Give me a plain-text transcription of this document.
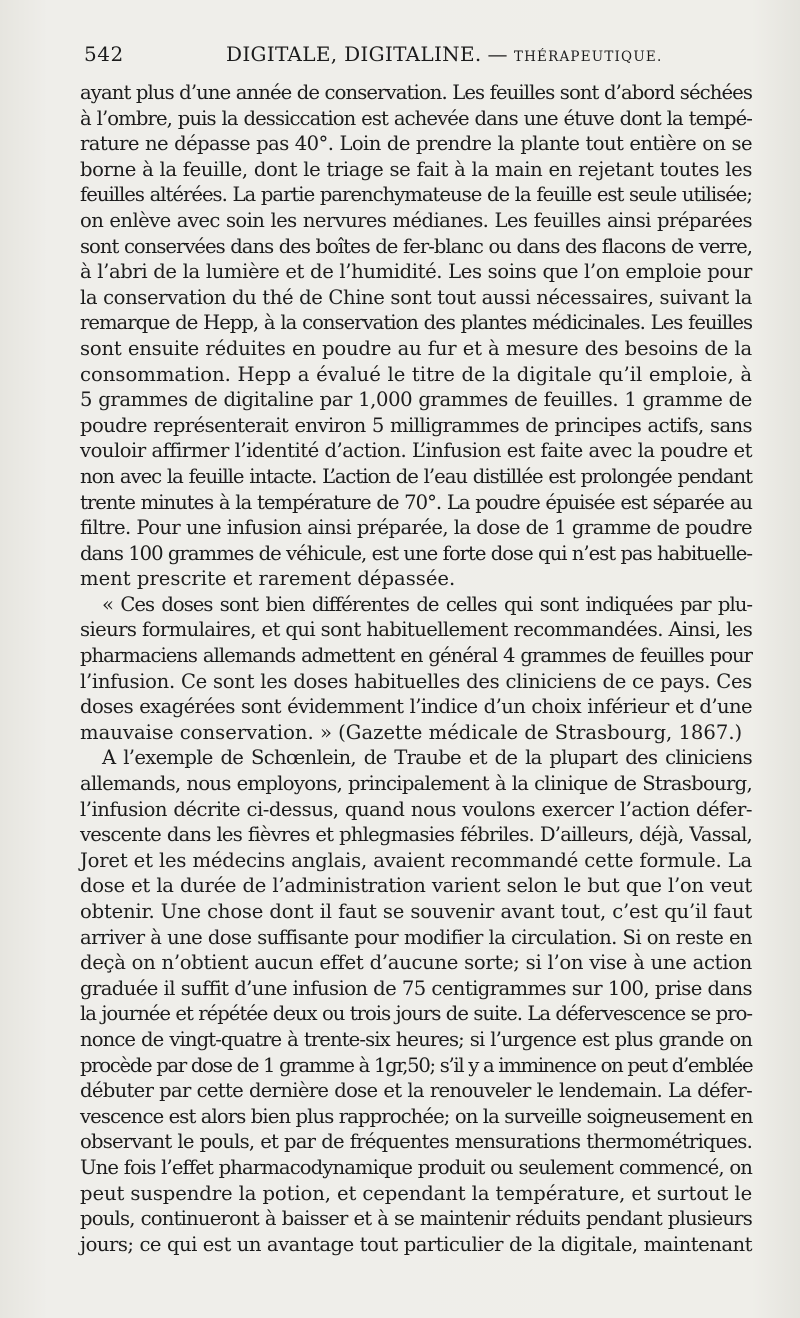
542	DIGITALE, DIGITALINE. — THÉRAPEUTIQUE.
ayant plus d’une année de conservation. Les feuilles sont d’abord séchées
à l’ombre, puis la dessiccation est achevée dans une étuve dont la tempé-
rature ne dépasse pas 40°. Loin de prendre la plante tout entière on se
borne à la feuille, dont le triage se fait à la main en rejetant toutes les
feuilles altérées. La partie parenchymateuse de la feuille est seule utilisée;
on enlève avec soin les nervures médianes. Les feuilles ainsi préparées
sont conservées dans des boîtes de fer-blanc ou dans des flacons de verre,
à l’abri de la lumière et de l’humidité. Les soins que l’on emploie pour
la conservation du thé de Chine sont tout aussi nécessaires, suivant la
remarque de Hepp, à la conservation des plantes médicinales. Les feuilles
sont ensuite réduites en poudre au fur et à mesure des besoins de la
consommation. Hepp a évalué le titre de la digitale qu’il emploie, à
5 grammes de digitaline par 1,000 grammes de feuilles. 1 gramme de
poudre représenterait environ 5 milligrammes de principes actifs, sans
vouloir affirmer l’identité d’action. L’infusion est faite avec la poudre et
non avec la feuille intacte. L’action de l’eau distillée est prolongée pendant
trente minutes à la température de 70°. La poudre épuisée est séparée au
filtre. Pour une infusion ainsi préparée, la dose de 1 gramme de poudre
dans 100 grammes de véhicule, est une forte dose qui n’est pas habituelle-
ment prescrite et rarement dépassée.
« Ces doses sont bien différentes de celles qui sont indiquées par plu-
sieurs formulaires, et qui sont habituellement recommandées. Ainsi, les
pharmaciens allemands admettent en général 4 grammes de feuilles pour
l’infusion. Ce sont les doses habituelles des cliniciens de ce pays. Ces
doses exagérées sont évidemment l’indice d’un choix inférieur et d’une
mauvaise conservation. » (Gazette médicale de Strasbourg, 1867.)
A l’exemple de Schœnlein, de Traube et de la plupart des cliniciens
allemands, nous employons, principalement à la clinique de Strasbourg,
l’infusion décrite ci-dessus, quand nous voulons exercer l’action défer-
vescente dans les fièvres et phlegmasies fébriles. D’ailleurs, déjà, Vassal,
Joret et les médecins anglais, avaient recommandé cette formule. La
dose et la durée de l’administration varient selon le but que l’on veut
obtenir. Une chose dont il faut se souvenir avant tout, c’est qu’il faut
arriver à une dose suffisante pour modifier la circulation. Si on reste en
deçà on n’obtient aucun effet d’aucune sorte; si l’on vise à une action
graduée il suffit d’une infusion de 75 centigrammes sur 100, prise dans
la journée et répétée deux ou trois jours de suite. La défervescence se pro-
nonce de vingt-quatre à trente-six heures; si l’urgence est plus grande on
procède par dose de 1 gramme à 1gr,50; s’il y a imminence on peut d’emblée
débuter par cette dernière dose et la renouveler le lendemain. La défer-
vescence est alors bien plus rapprochée; on la surveille soigneusement en
observant le pouls, et par de fréquentes mensurations thermométriques.
Une fois l’effet pharmacodynamique produit ou seulement commencé, on
peut suspendre la potion, et cependant la température, et surtout le
pouls, continueront à baisser et à se maintenir réduits pendant plusieurs
jours; ce qui est un avantage tout particulier de la digitale, maintenant
